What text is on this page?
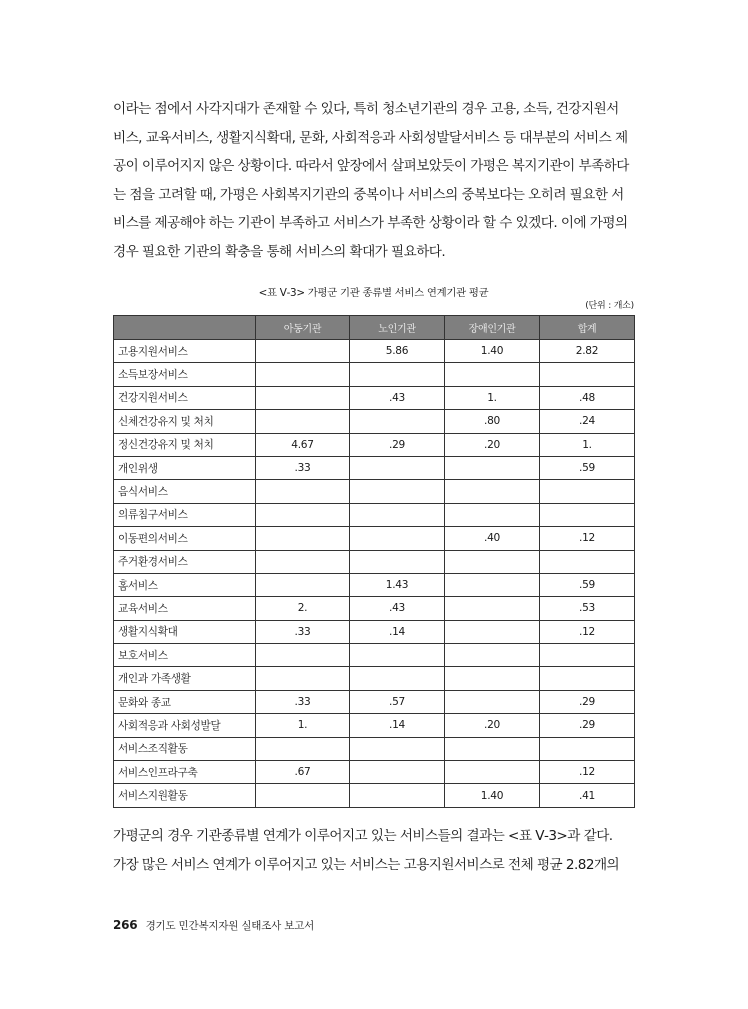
이라는 점에서 사각지대가 존재할 수 있다, 특히 청소년기관의 경우 고용, 소득, 건강지원서

비스, 교육서비스, 생활지식확대, 문화, 사회적응과 사회성발달서비스 등 대부분의 서비스 제

공이 이루어지지 않은 상황이다. 따라서 앞장에서 살펴보았듯이 가평은 복지기관이 부족하다

는 점을 고려할 때, 가평은 사회복지기관의 중복이나 서비스의 중복보다는 오히려 필요한 서

비스를 제공해야 하는 기관이 부족하고 서비스가 부족한 상황이라 할 수 있겠다. 이에 가평의

경우 필요한 기관의 확충을 통해 서비스의 확대가 필요하다.

<표 Ⅴ-3> 가평군 기관 종류별 서비스 연계기관 평균
(단위 : 개소)
	아동기관	노인기관	장애인기관	합계
고용지원서비스		5.86	1.40	2.82
소득보장서비스				
건강지원서비스		.43	1.	.48
신체건강유지 및 처치			.80	.24
정신건강유지 및 처치	4.67	.29	.20	1.
개인위생	.33			.59
음식서비스				
의류침구서비스				
이동편의서비스			.40	.12
주거환경서비스				
홈서비스		1.43		.59
교육서비스	2.	.43		.53
생활지식확대	.33	.14		.12
보호서비스				
개인과 가족생활				
문화와 종교	.33	.57		.29
사회적응과 사회성발달	1.	.14	.20	.29
서비스조직활동				
서비스인프라구축	.67			.12
서비스지원활동			1.40	.41

가평군의 경우 기관종류별 연계가 이루어지고 있는 서비스들의 결과는 <표 Ⅴ-3>과 같다.

가장 많은 서비스 연계가 이루어지고 있는 서비스는 고용지원서비스로 전체 평균 2.82개의

266 경기도 민간복지자원 실태조사 보고서
